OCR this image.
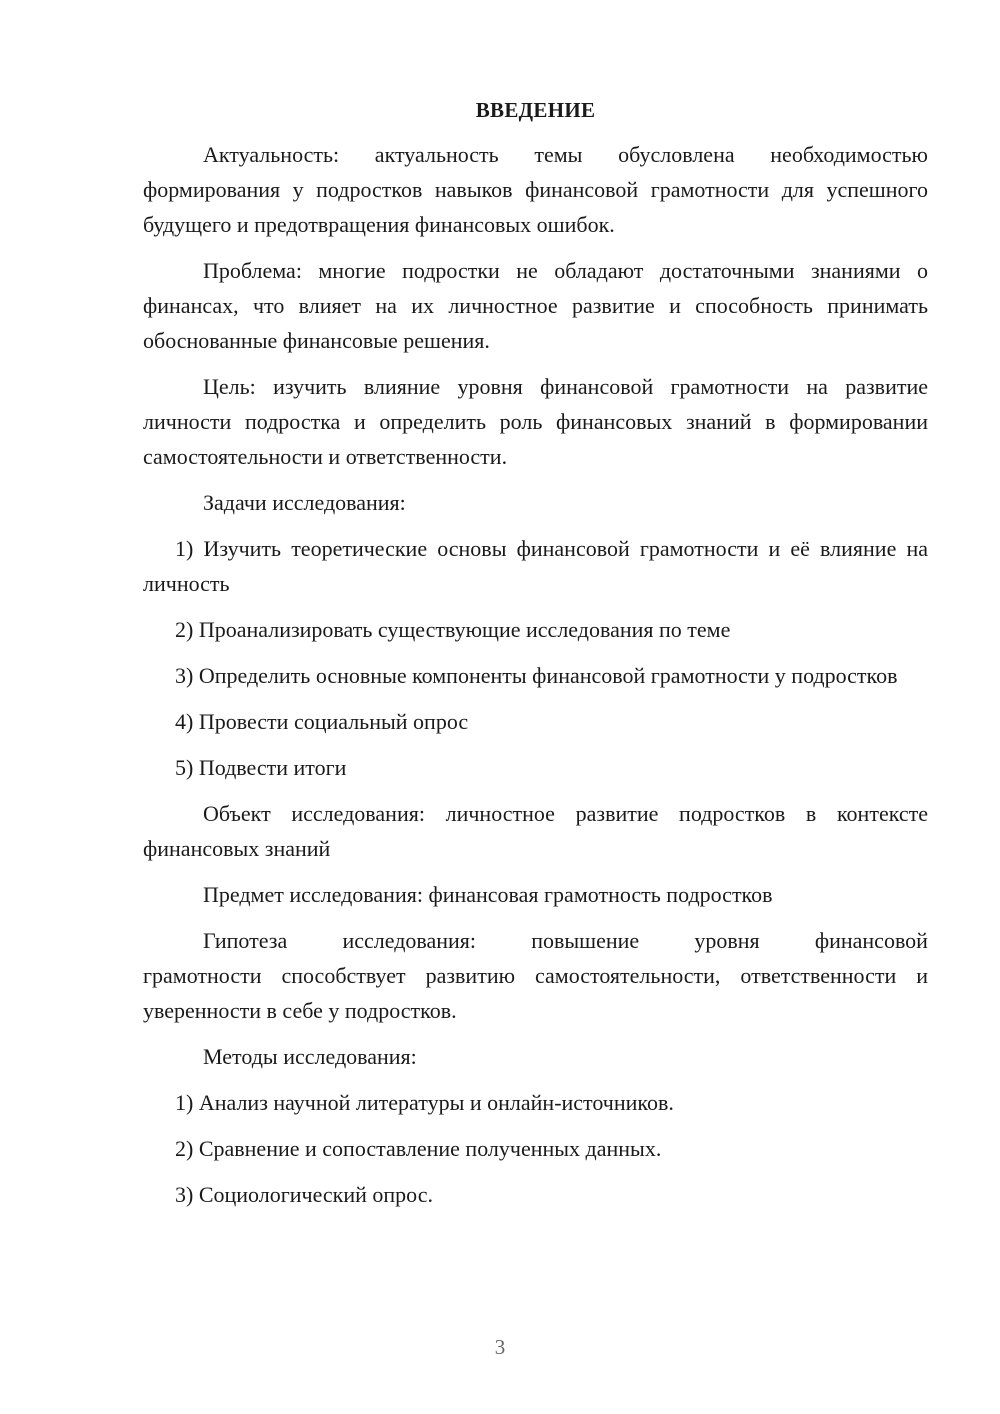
ВВЕДЕНИЕ

Актуальность: актуальность темы обусловлена необходимостью формирования у подростков навыков финансовой грамотности для успешного будущего и предотвращения финансовых ошибок.

Проблема: многие подростки не обладают достаточными знаниями о финансах, что влияет на их личностное развитие и способность принимать обоснованные финансовые решения.

Цель: изучить влияние уровня финансовой грамотности на развитие личности подростка и определить роль финансовых знаний в формировании самостоятельности и ответственности.

Задачи исследования:

1) Изучить теоретические основы финансовой грамотности и её влияние на личность

2) Проанализировать существующие исследования по теме

3) Определить основные компоненты финансовой грамотности у подростков

4) Провести социальный опрос

5) Подвести итоги

Объект исследования: личностное развитие подростков в контексте финансовых знаний

Предмет исследования: финансовая грамотность подростков

Гипотеза	исследования:	повышение	уровня	финансовой

грамотности способствует развитию самостоятельности, ответственности и уверенности в себе у подростков.

Методы исследования:

1) Анализ научной литературы и онлайн-источников.

2) Сравнение и сопоставление полученных данных.

3) Социологический опрос.

3
